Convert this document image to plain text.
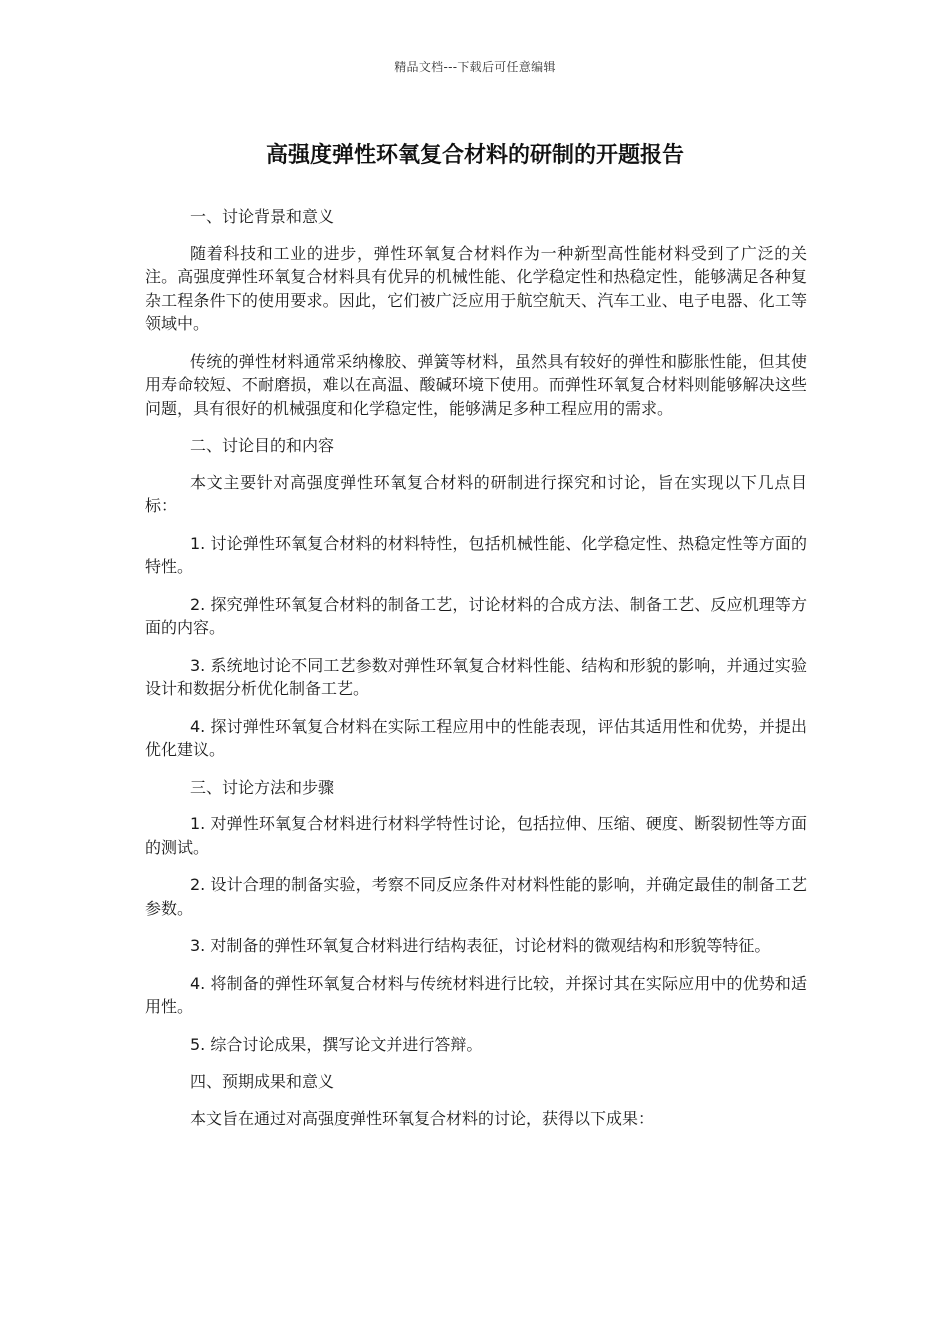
精品文档---下载后可任意编辑
高强度弹性环氧复合材料的研制的开题报告

一、讨论背景和意义

随着科技和工业的进步，弹性环氧复合材料作为一种新型高性能材料受到了广泛的关注。高强度弹性环氧复合材料具有优异的机械性能、化学稳定性和热稳定性，能够满足各种复杂工程条件下的使用要求。因此，它们被广泛应用于航空航天、汽车工业、电子电器、化工等领域中。

传统的弹性材料通常采纳橡胶、弹簧等材料，虽然具有较好的弹性和膨胀性能，但其使用寿命较短、不耐磨损，难以在高温、酸碱环境下使用。而弹性环氧复合材料则能够解决这些问题，具有很好的机械强度和化学稳定性，能够满足多种工程应用的需求。

二、讨论目的和内容

本文主要针对高强度弹性环氧复合材料的研制进行探究和讨论，旨在实现以下几点目标：

1. 讨论弹性环氧复合材料的材料特性，包括机械性能、化学稳定性、热稳定性等方面的特性。

2. 探究弹性环氧复合材料的制备工艺，讨论材料的合成方法、制备工艺、反应机理等方面的内容。

3. 系统地讨论不同工艺参数对弹性环氧复合材料性能、结构和形貌的影响，并通过实验设计和数据分析优化制备工艺。

4. 探讨弹性环氧复合材料在实际工程应用中的性能表现，评估其适用性和优势，并提出优化建议。

三、讨论方法和步骤

1. 对弹性环氧复合材料进行材料学特性讨论，包括拉伸、压缩、硬度、断裂韧性等方面的测试。

2. 设计合理的制备实验，考察不同反应条件对材料性能的影响，并确定最佳的制备工艺参数。

3. 对制备的弹性环氧复合材料进行结构表征，讨论材料的微观结构和形貌等特征。

4. 将制备的弹性环氧复合材料与传统材料进行比较，并探讨其在实际应用中的优势和适用性。

5. 综合讨论成果，撰写论文并进行答辩。

四、预期成果和意义

本文旨在通过对高强度弹性环氧复合材料的讨论，获得以下成果：
